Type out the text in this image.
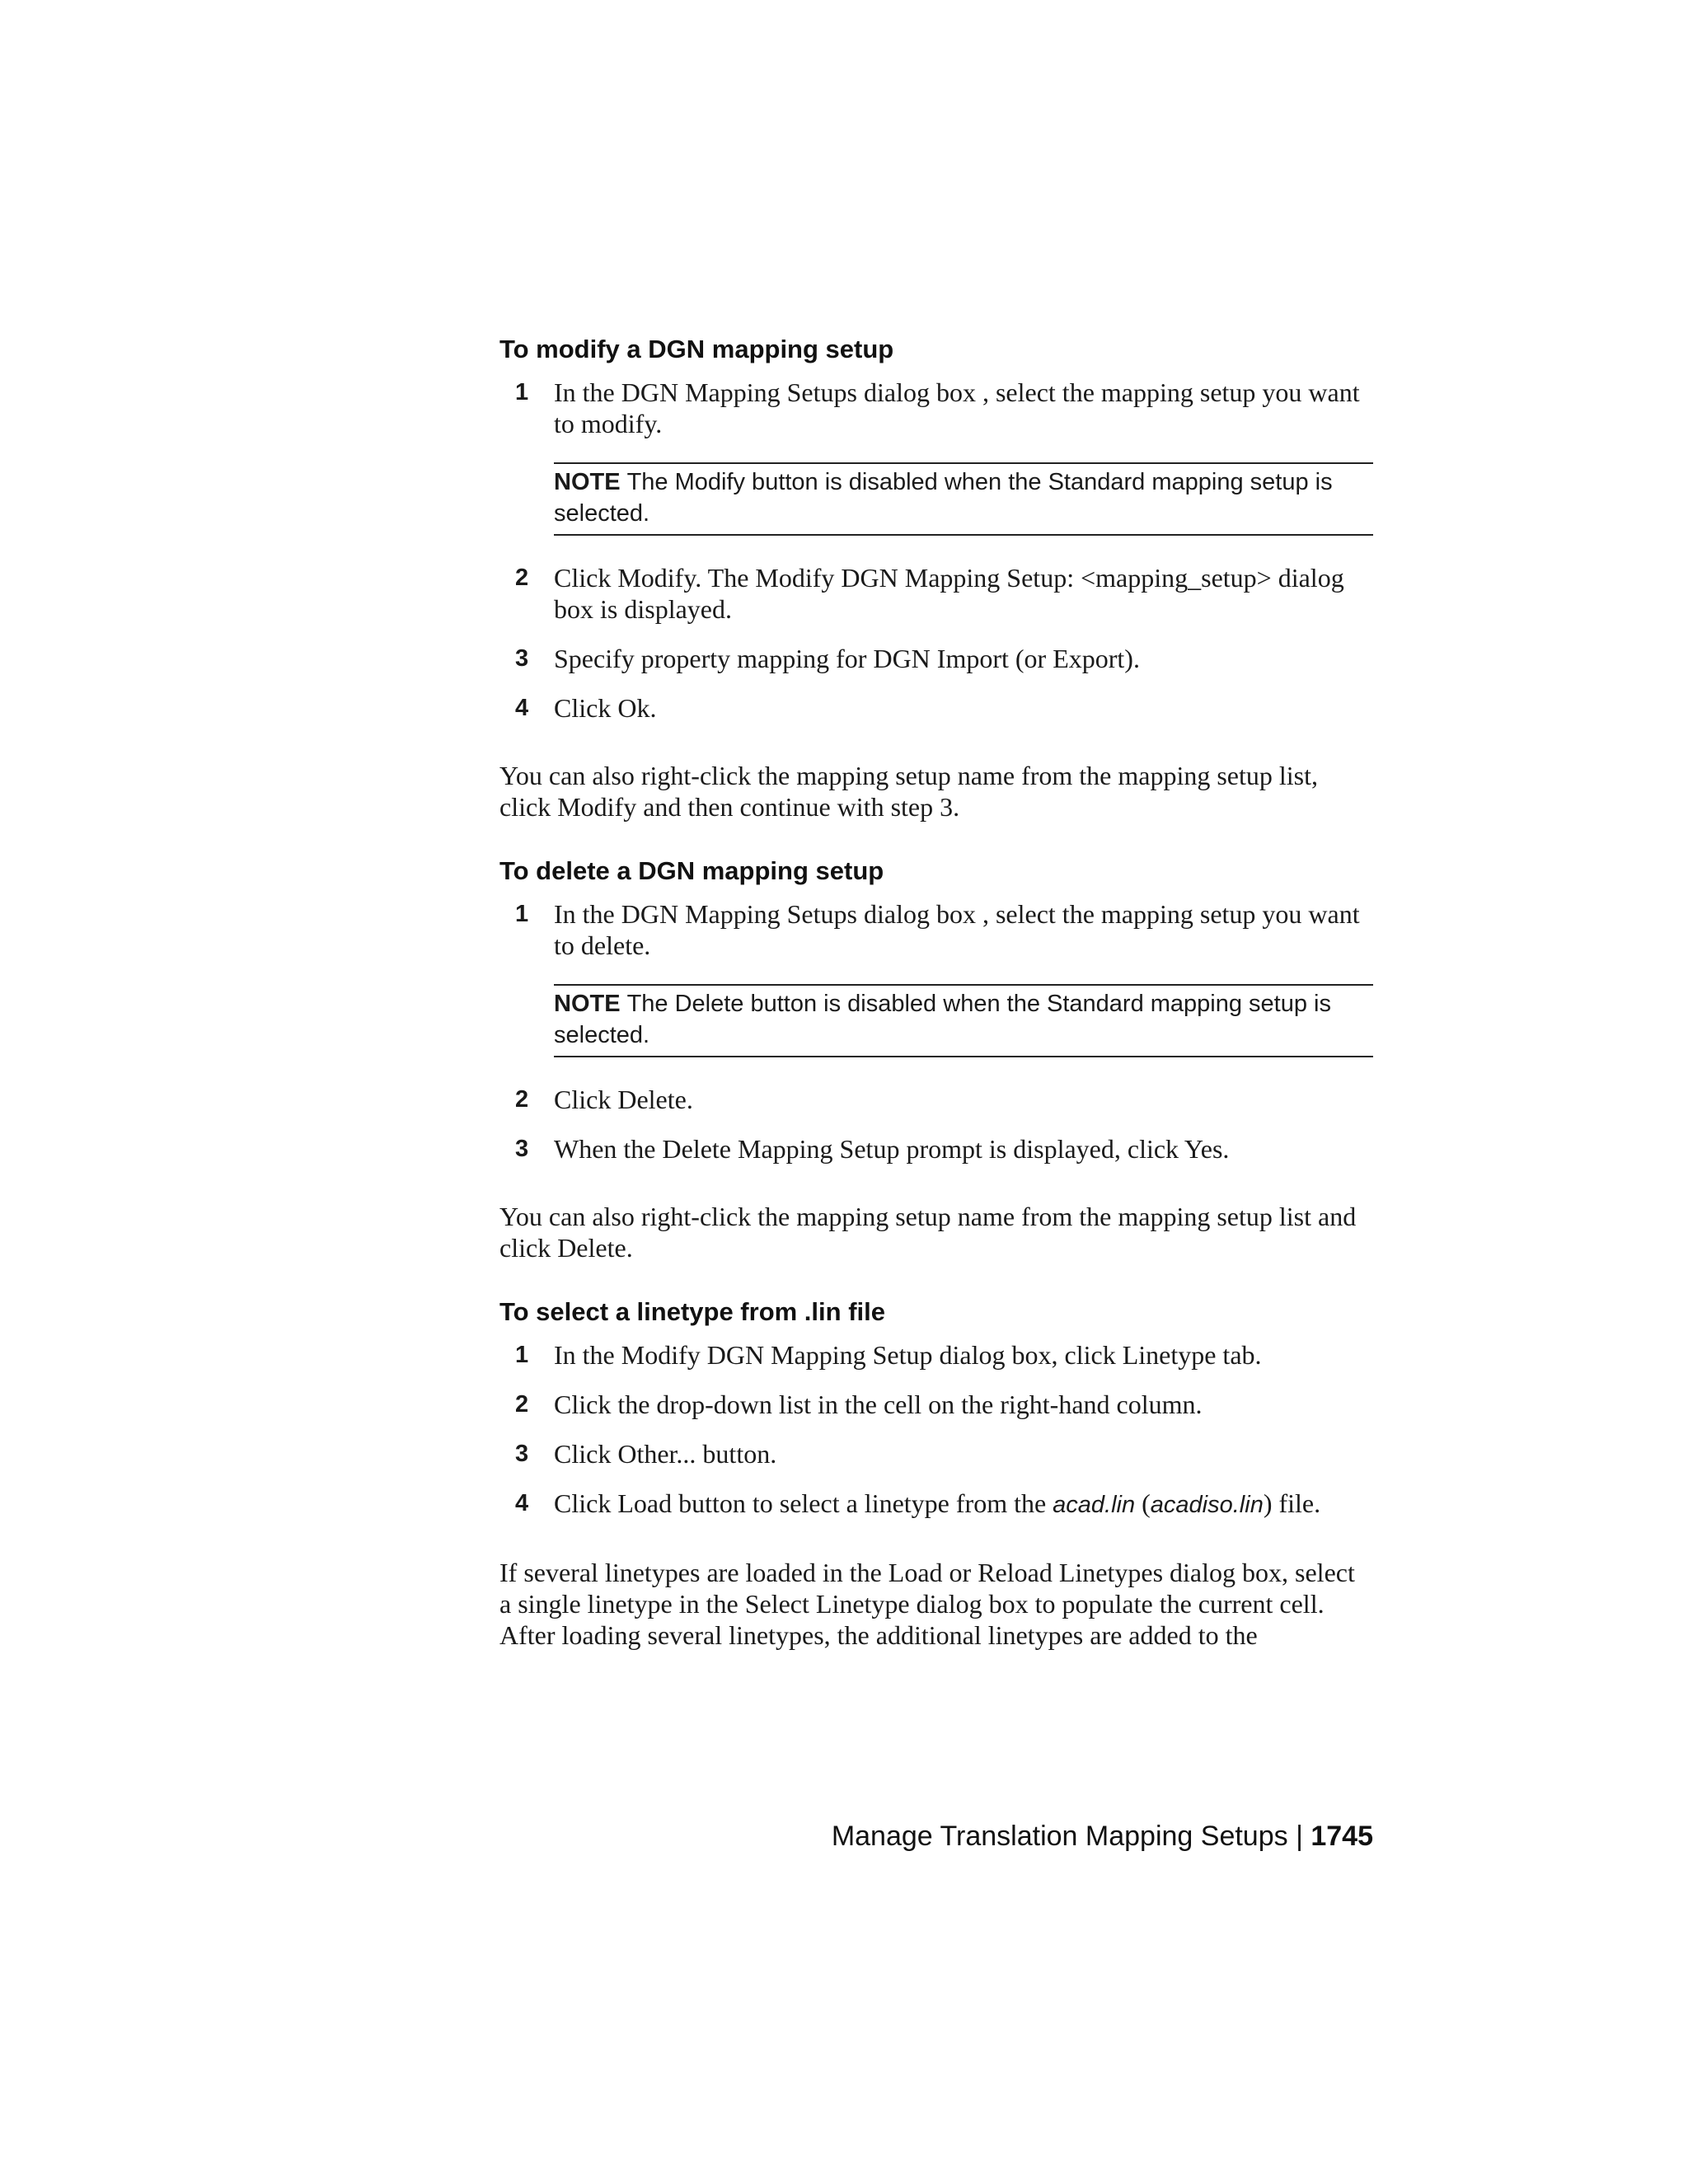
To modify a DGN mapping setup
1 In the DGN Mapping Setups dialog box , select the mapping setup you want to modify.
NOTE The Modify button is disabled when the Standard mapping setup is selected.
2 Click Modify. The Modify DGN Mapping Setup: <mapping_setup> dialog box is displayed.
3 Specify property mapping for DGN Import (or Export).
4 Click Ok.

You can also right-click the mapping setup name from the mapping setup list, click Modify and then continue with step 3.

To delete a DGN mapping setup
1 In the DGN Mapping Setups dialog box , select the mapping setup you want to delete.
NOTE The Delete button is disabled when the Standard mapping setup is selected.
2 Click Delete.
3 When the Delete Mapping Setup prompt is displayed, click Yes.

You can also right-click the mapping setup name from the mapping setup list and click Delete.

To select a linetype from .lin file
1 In the Modify DGN Mapping Setup dialog box, click Linetype tab.
2 Click the drop-down list in the cell on the right-hand column.
3 Click Other... button.
4 Click Load button to select a linetype from the acad.lin (acadiso.lin) file.

If several linetypes are loaded in the Load or Reload Linetypes dialog box, select a single linetype in the Select Linetype dialog box to populate the current cell. After loading several linetypes, the additional linetypes are added to the

Manage Translation Mapping Setups | 1745
